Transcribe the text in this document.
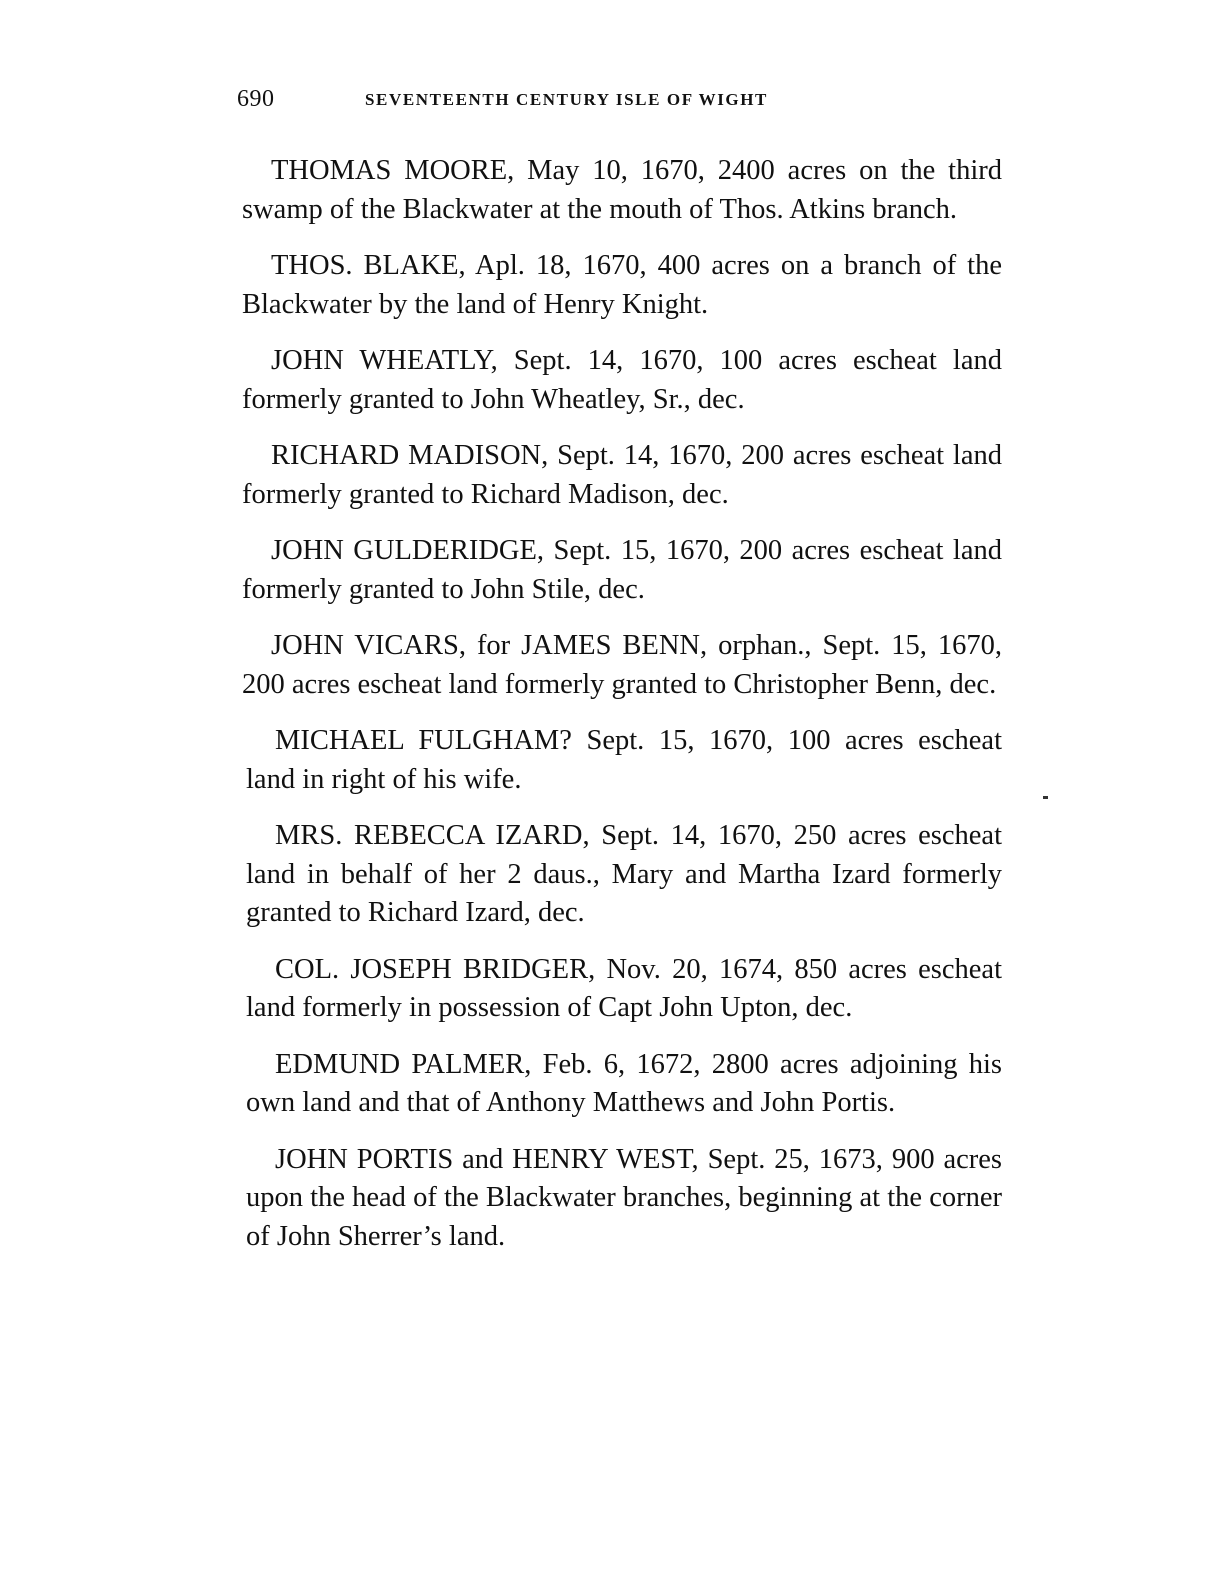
690	SEVENTEENTH CENTURY ISLE OF WIGHT

THOMAS MOORE, May 10, 1670, 2400 acres on the third swamp of the Blackwater at the mouth of Thos. Atkins branch.

THOS. BLAKE, Apl. 18, 1670, 400 acres on a branch of the Blackwater by the land of Henry Knight.

JOHN WHEATLY, Sept. 14, 1670, 100 acres escheat land formerly granted to John Wheatley, Sr., dec.

RICHARD MADISON, Sept. 14, 1670, 200 acres escheat land formerly granted to Richard Madison, dec.

JOHN GULDERIDGE, Sept. 15, 1670, 200 acres escheat land formerly granted to John Stile, dec.

JOHN VICARS, for JAMES BENN, orphan., Sept. 15, 1670, 200 acres escheat land formerly granted to Christopher Benn, dec.

MICHAEL FULGHAM? Sept. 15, 1670, 100 acres escheat land in right of his wife.

MRS. REBECCA IZARD, Sept. 14, 1670, 250 acres escheat land in behalf of her 2 daus., Mary and Martha Izard formerly granted to Richard Izard, dec.

COL. JOSEPH BRIDGER, Nov. 20, 1674, 850 acres escheat land formerly in possession of Capt John Upton, dec.

EDMUND PALMER, Feb. 6, 1672, 2800 acres adjoining his own land and that of Anthony Matthews and John Portis.

JOHN PORTIS and HENRY WEST, Sept. 25, 1673, 900 acres upon the head of the Blackwater branches, beginning at the corner of John Sherrer’s land.
